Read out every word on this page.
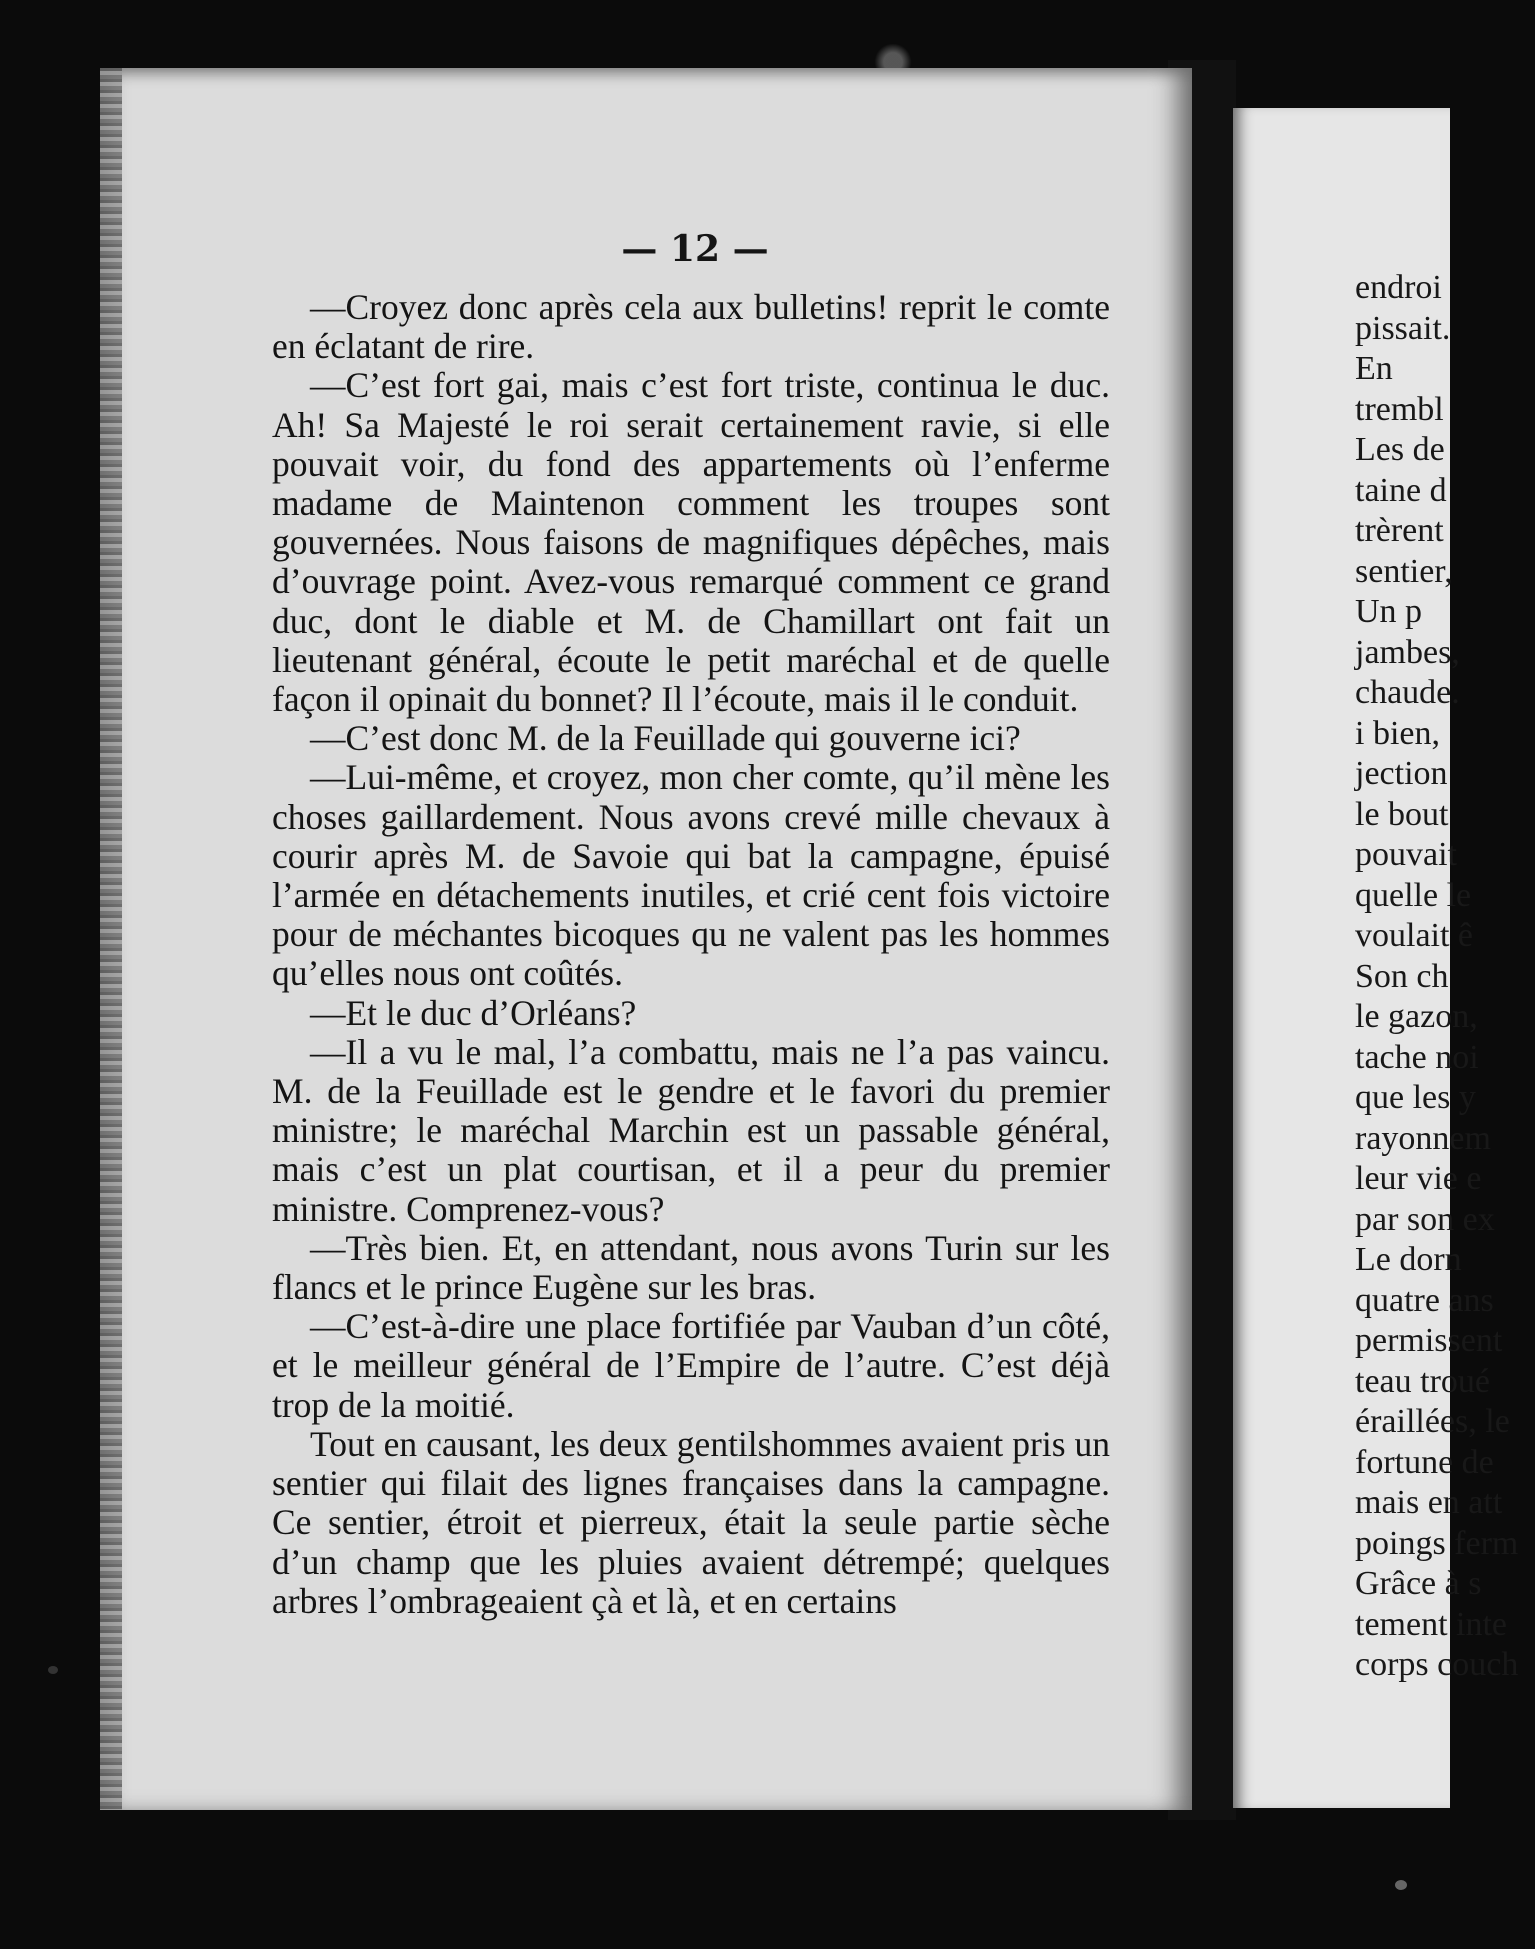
— 12 —

—Croyez donc après cela aux bulletins! reprit le comte en éclatant de rire.

—C’est fort gai, mais c’est fort triste, continua le duc. Ah! Sa Majesté le roi serait certainement ravie, si elle pouvait voir, du fond des appartements où l’enferme madame de Maintenon comment les troupes sont gouvernées. Nous faisons de magnifiques dépêches, mais d’ouvrage point. Avez-vous remarqué comment ce grand duc, dont le diable et M. de Chamillart ont fait un lieutenant général, écoute le petit maréchal et de quelle façon il opinait du bonnet? Il l’écoute, mais il le conduit.

—C’est donc M. de la Feuillade qui gouverne ici?

—Lui-même, et croyez, mon cher comte, qu’il mène les choses gaillardement. Nous avons crevé mille chevaux à courir après M. de Savoie qui bat la campagne, épuisé l’armée en détachements inutiles, et crié cent fois victoire pour de méchantes bicoques qu ne valent pas les hommes qu’elles nous ont coûtés.

—Et le duc d’Orléans?

—Il a vu le mal, l’a combattu, mais ne l’a pas vaincu. M. de la Feuillade est le gendre et le favori du premier ministre; le maréchal Marchin est un passable général, mais c’est un plat courtisan, et il a peur du premier ministre. Comprenez-vous?

—Très bien. Et, en attendant, nous avons Turin sur les flancs et le prince Eugène sur les bras.

—C’est-à-dire une place fortifiée par Vauban d’un côté, et le meilleur général de l’Empire de l’autre. C’est déjà trop de la moitié.

Tout en causant, les deux gentilshommes avaient pris un sentier qui filait des lignes françaises dans la campagne. Ce sentier, étroit et pierreux, était la seule partie sèche d’un champ que les pluies avaient détrempé; quelques arbres l’ombrageaient çà et là, et en certains

endroi
pissait.
En
trembl
Les de
taine d
trèrent
sentier,
Un p
jambes,
chaude.
i bien,
jection
le bout
pouvait
quelle le
voulait ê
Son ch
le gazon,
tache noi
que les y
rayonnem
leur vie e
par son ex
Le dorn
quatre ans
permissent
teau troué
éraillées, le
fortune de
mais en att
poings ferm
Grâce à s
tement inte
corps couch
